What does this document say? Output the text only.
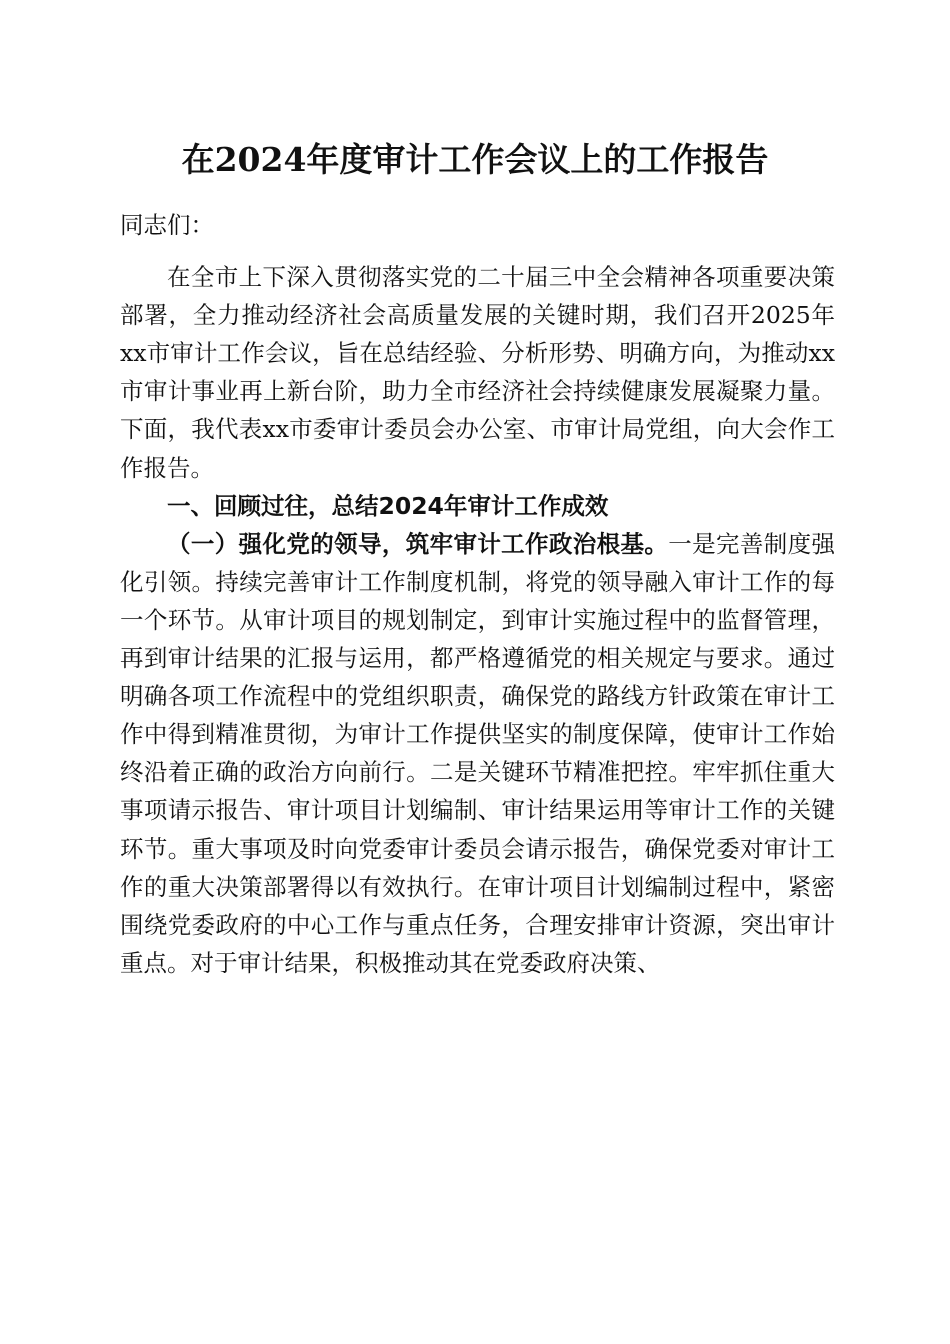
在2024年度审计工作会议上的工作报告

同志们：

在全市上下深入贯彻落实党的二十届三中全会精神各项重要决策部署，全力推动经济社会高质量发展的关键时期，我们召开2025年xx市审计工作会议，旨在总结经验、分析形势、明确方向，为推动xx市审计事业再上新台阶，助力全市经济社会持续健康发展凝聚力量。下面，我代表xx市委审计委员会办公室、市审计局党组，向大会作工作报告。

一、回顾过往，总结2024年审计工作成效

（一）强化党的领导，筑牢审计工作政治根基。一是完善制度强化引领。持续完善审计工作制度机制，将党的领导融入审计工作的每一个环节。从审计项目的规划制定，到审计实施过程中的监督管理，再到审计结果的汇报与运用，都严格遵循党的相关规定与要求。通过明确各项工作流程中的党组织职责，确保党的路线方针政策在审计工作中得到精准贯彻，为审计工作提供坚实的制度保障，使审计工作始终沿着正确的政治方向前行。二是关键环节精准把控。牢牢抓住重大事项请示报告、审计项目计划编制、审计结果运用等审计工作的关键环节。重大事项及时向党委审计委员会请示报告，确保党委对审计工作的重大决策部署得以有效执行。在审计项目计划编制过程中，紧密围绕党委政府的中心工作与重点任务，合理安排审计资源，突出审计重点。对于审计结果，积极推动其在党委政府决策、
